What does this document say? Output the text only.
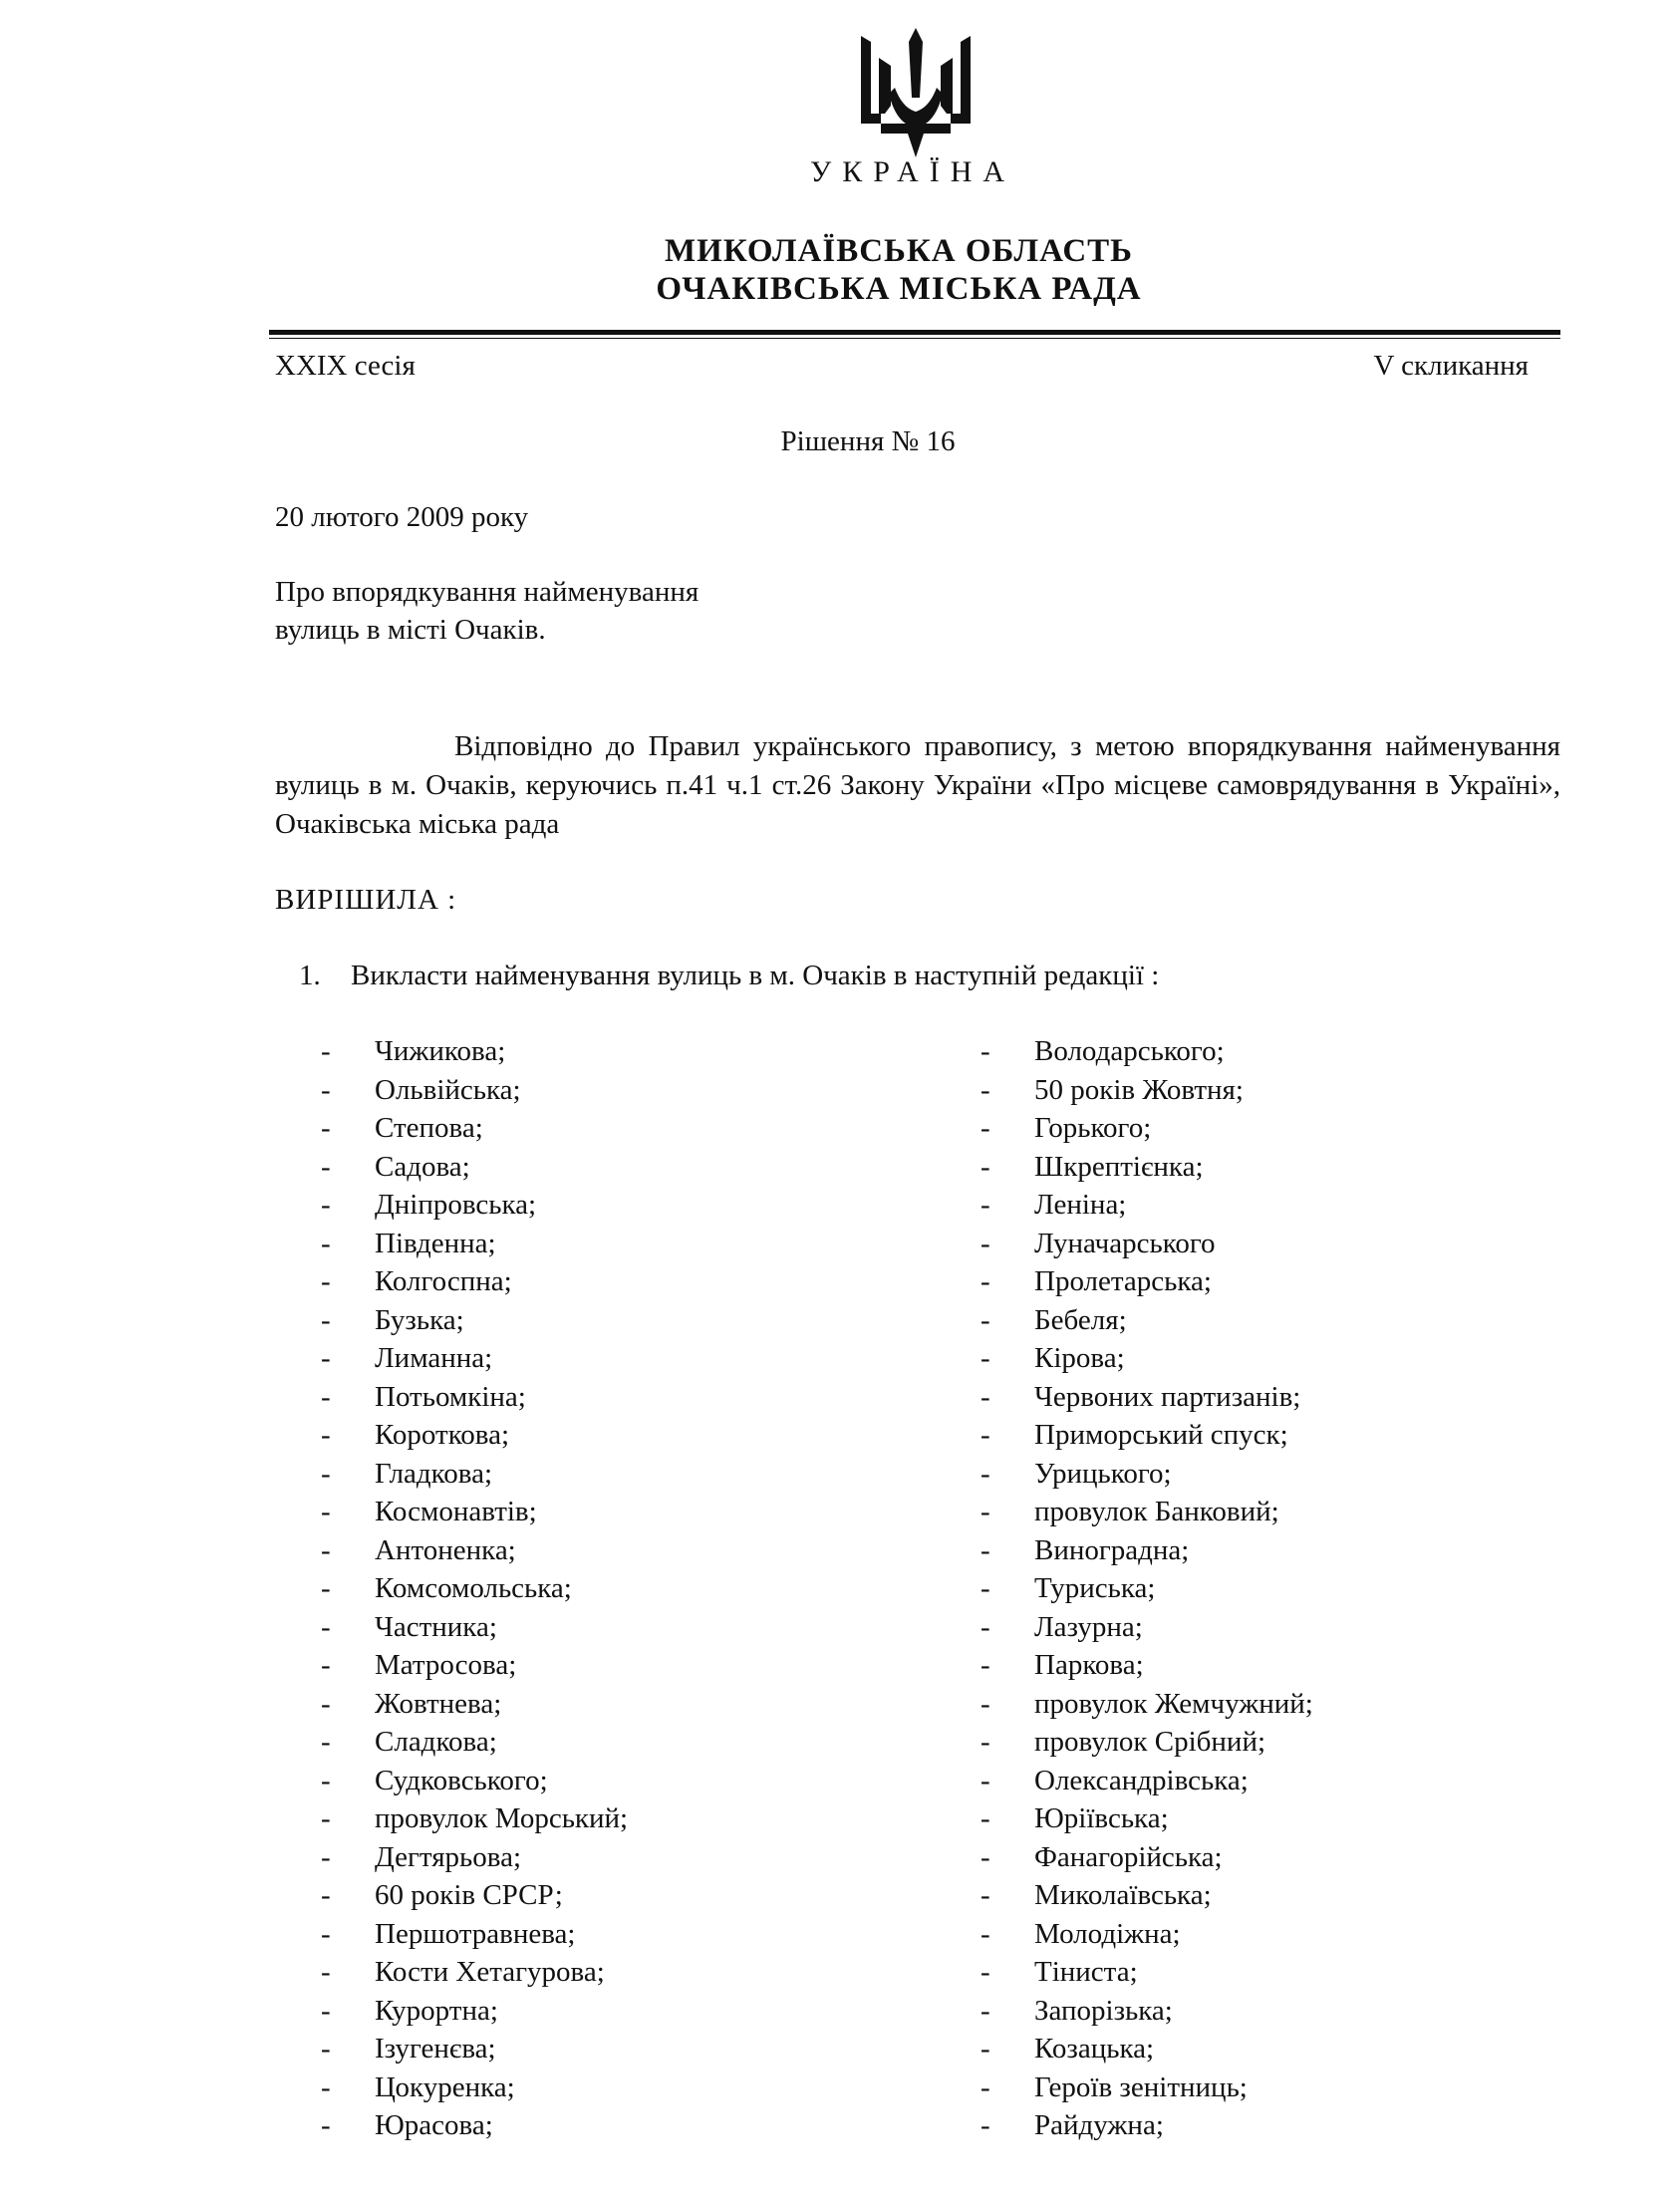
УКРАЇНА
МИКОЛАЇВСЬКА ОБЛАСТЬ
ОЧАКІВСЬКА МІСЬКА РАДА
XXIX сесія	V скликання
Рішення № 16
20 лютого 2009 року
Про впорядкування найменування
вулиць в місті Очаків.
Відповідно до Правил українського правопису, з метою впорядкування найменування вулиць в м. Очаків, керуючись п.41 ч.1 ст.26 Закону України «Про місцеве самоврядування в Україні», Очаківська міська рада
ВИРІШИЛА :
1. Викласти найменування вулиць в м. Очаків в наступній редакції :
- Чижикова;
- Ольвійська;
- Степова;
- Садова;
- Дніпровська;
- Південна;
- Колгоспна;
- Бузька;
- Лиманна;
- Потьомкіна;
- Короткова;
- Гладкова;
- Космонавтів;
- Антоненка;
- Комсомольська;
- Частника;
- Матросова;
- Жовтнева;
- Сладкова;
- Судковського;
- провулок Морський;
- Дегтярьова;
- 60 років СРСР;
- Першотравнева;
- Кости Хетагурова;
- Курортна;
- Ізугенєва;
- Цокуренка;
- Юрасова;
- Володарського;
- 50 років Жовтня;
- Горького;
- Шкрептієнка;
- Леніна;
- Луначарського
- Пролетарська;
- Бебеля;
- Кірова;
- Червоних партизанів;
- Приморський спуск;
- Урицького;
- провулок Банковий;
- Виноградна;
- Туриська;
- Лазурна;
- Паркова;
- провулок Жемчужний;
- провулок Срібний;
- Олександрівська;
- Юріївська;
- Фанагорійська;
- Миколаївська;
- Молодіжна;
- Тіниста;
- Запорізька;
- Козацька;
- Героїв зенітниць;
- Райдужна;
